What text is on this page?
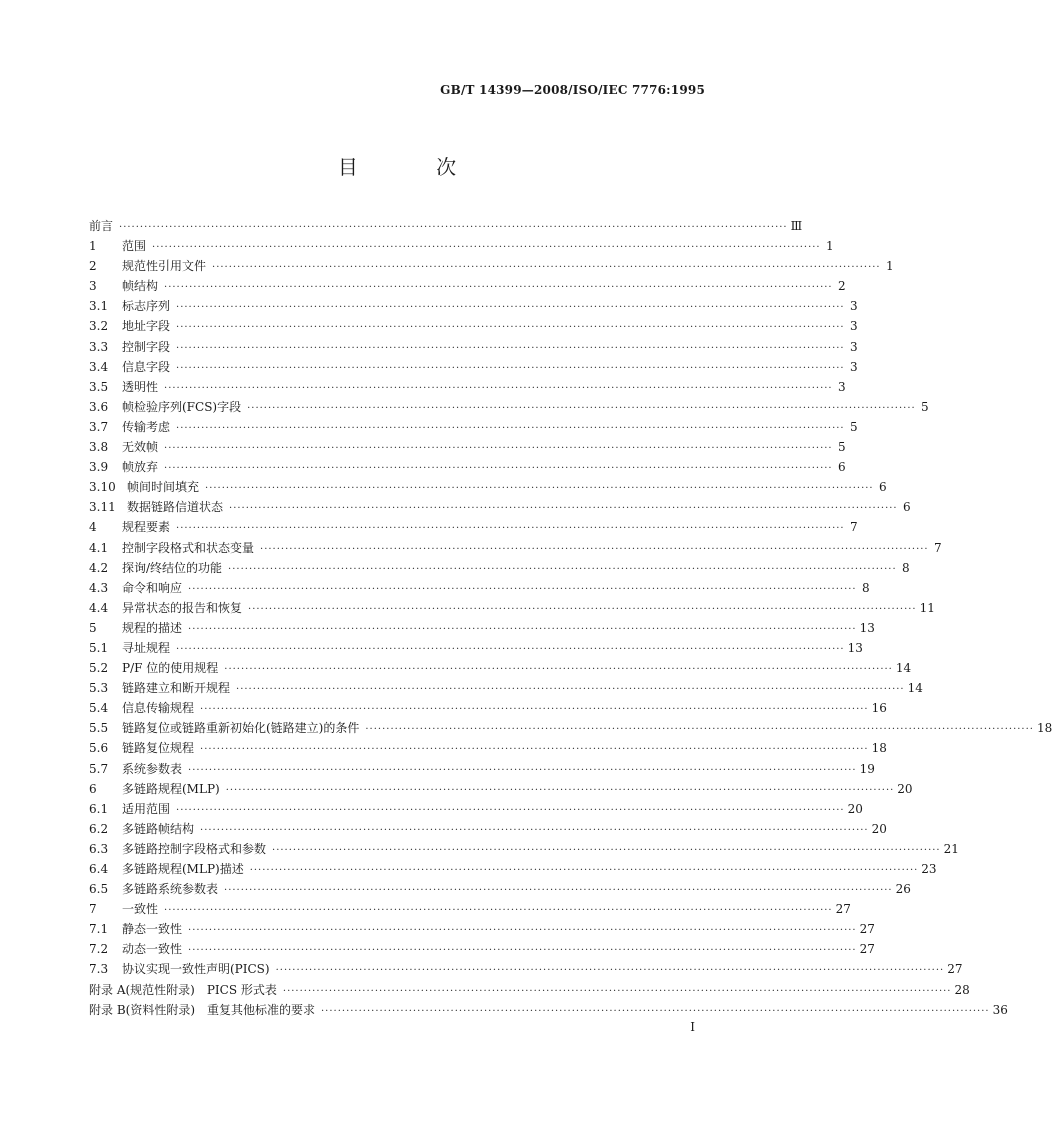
GB/T 14399—2008/ISO/IEC 7776:1995
目 次
前言 ·····	Ⅲ
1	范围 ·····	1
2	规范性引用文件 ·····	1
3	帧结构 ·····	2
3.1	标志序列 ·····	3
3.2	地址字段 ·····	3
3.3	控制字段 ·····	3
3.4	信息字段 ·····	3
3.5	透明性 ·····	3
3.6	帧检验序列(FCS)字段 ·····	5
3.7	传输考虑 ·····	5
3.8	无效帧 ·····	5
3.9	帧放弃 ·····	6
3.10 帧间时间填充 ·····	6
3.11 数据链路信道状态 ·····	6
4	规程要素 ·····	7
4.1	控制字段格式和状态变量 ·····	7
4.2	探询/终结位的功能 ·····	8
4.3	命令和响应 ·····	8
4.4	异常状态的报告和恢复 ·····	11
5	规程的描述 ·····	13
5.1	寻址规程 ·····	13
5.2	P/F 位的使用规程 ·····	14
5.3	链路建立和断开规程 ·····	14
5.4	信息传输规程 ·····	16
5.5	链路复位或链路重新初始化(链路建立)的条件 ·····	18
5.6	链路复位规程 ·····	18
5.7	系统参数表 ·····	19
6	多链路规程(MLP) ·····	20
6.1	适用范围 ·····	20
6.2	多链路帧结构 ·····	20
6.3	多链路控制字段格式和参数 ·····	21
6.4	多链路规程(MLP)描述 ·····	23
6.5	多链路系统参数表 ·····	26
7	一致性 ·····	27
7.1	静态一致性 ·····	27
7.2	动态一致性 ·····	27
7.3	协议实现一致性声明(PICS) ·····	27
附录 A(规范性附录)　PICS 形式表 ·····	28
附录 B(资料性附录)　重复其他标准的要求 ·····	36
I
